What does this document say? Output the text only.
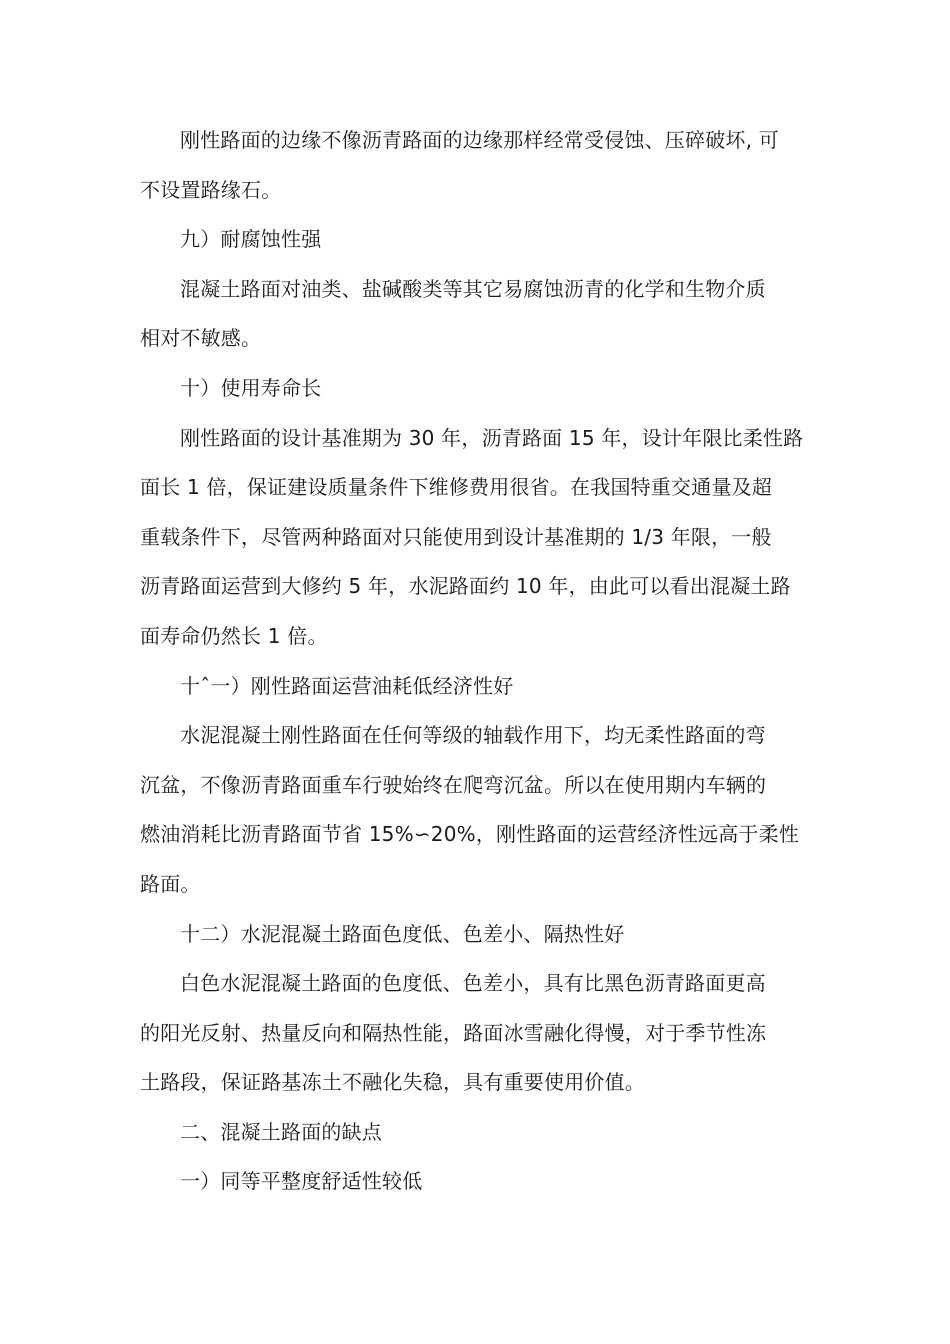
刚性路面的边缘不像沥青路面的边缘那样经常受侵蚀、压碎破坏, 可
不设置路缘石。

九）耐腐蚀性强

混凝土路面对油类、盐碱酸类等其它易腐蚀沥青的化学和生物介质
相对不敏感。

十）使用寿命长

刚性路面的设计基准期为 30 年，沥青路面 15 年，设计年限比柔性路
面长 1 倍，保证建设质量条件下维修费用很省。在我国特重交通量及超
重载条件下，尽管两种路面对只能使用到设计基准期的 1/3 年限，一般
沥青路面运营到大修约 5 年，水泥路面约 10 年，由此可以看出混凝土路
面寿命仍然长 1 倍。

十ˆ一）刚性路面运营油耗低经济性好

水泥混凝土刚性路面在任何等级的轴载作用下，均无柔性路面的弯
沉盆，不像沥青路面重车行驶始终在爬弯沉盆。所以在使用期内车辆的
燃油消耗比沥青路面节省 15%∽20%，刚性路面的运营经济性远高于柔性
路面。

十二）水泥混凝土路面色度低、色差小、隔热性好

白色水泥混凝土路面的色度低、色差小，具有比黑色沥青路面更高
的阳光反射、热量反向和隔热性能，路面冰雪融化得慢，对于季节性冻
土路段，保证路基冻土不融化失稳，具有重要使用价值。

二、混凝土路面的缺点

一）同等平整度舒适性较低
